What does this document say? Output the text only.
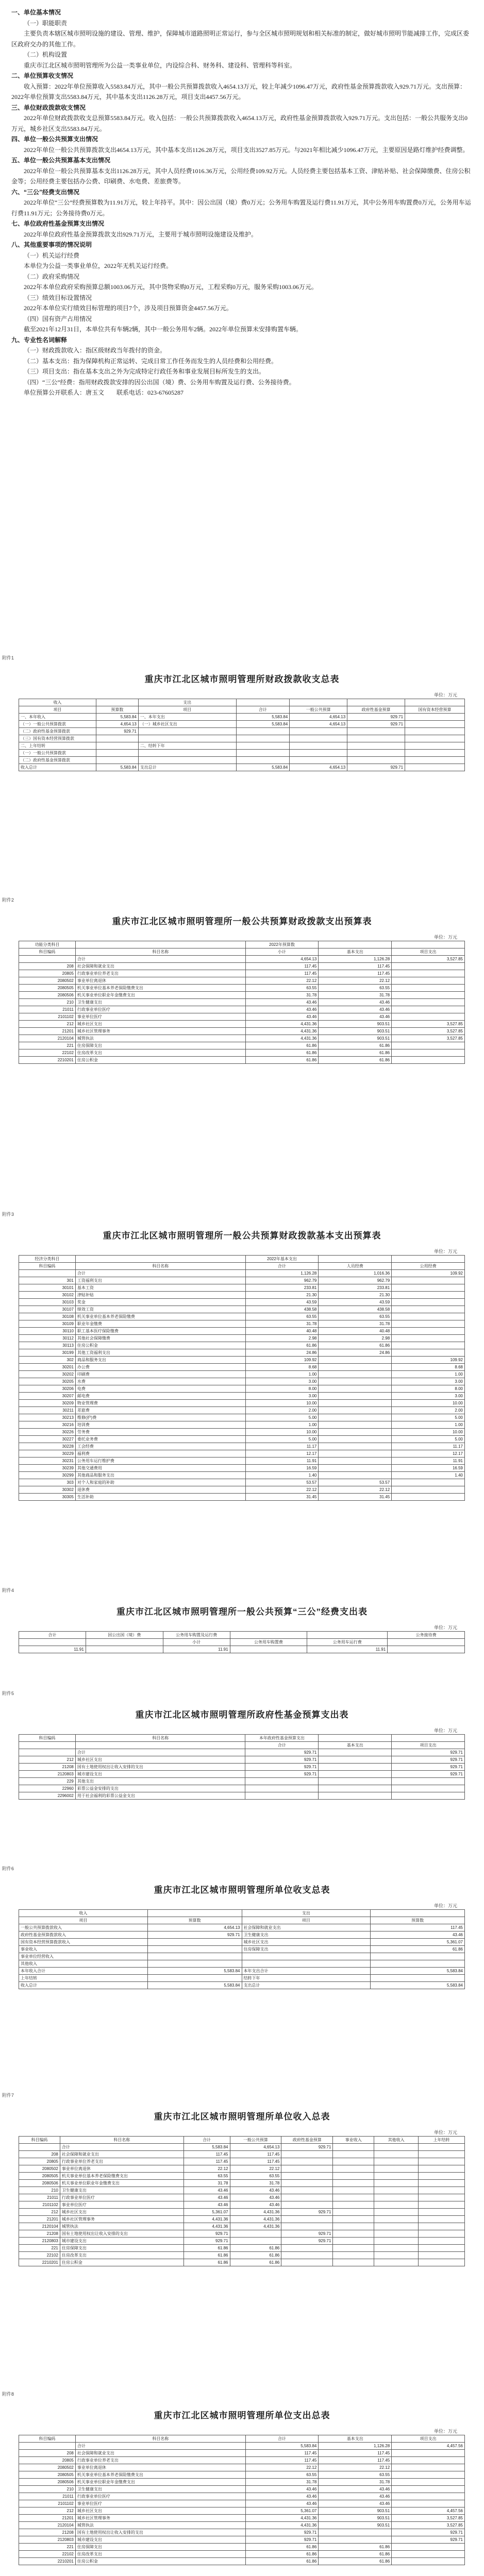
一、单位基本情况

（一）职能职责

主要负责本辖区城市照明设施的建设、管理、维护，保障城市道路照明正常运行，参与全区城市照明规划和相关标准的制定，做好城市照明节能减排工作，完成区委区政府交办的其他工作。

（二）机构设置

重庆市江北区城市照明管理所为公益一类事业单位，内设综合科、财务科、建设科、管理科等科室。

二、单位预算收支情况

收入预算：2022年单位预算收入5583.84万元，其中一般公共预算拨款收入4654.13万元，较上年减少1096.47万元，政府性基金预算拨款收入929.71万元。支出预算：2022年单位预算支出5583.84万元，其中基本支出1126.28万元，项目支出4457.56万元。

三、单位财政拨款收支情况

2022年单位财政拨款收支总预算5583.84万元。收入包括：一般公共预算拨款收入4654.13万元，政府性基金预算拨款收入929.71万元。支出包括：一般公共服务支出0万元，城乡社区支出5583.84万元。

四、单位一般公共预算支出情况

2022年单位一般公共预算拨款支出4654.13万元，其中基本支出1126.28万元，项目支出3527.85万元。与2021年相比减少1096.47万元，主要原因是路灯维护经费调整。

五、单位一般公共预算基本支出情况

2022年单位一般公共预算基本支出1126.28万元，其中人员经费1016.36万元，公用经费109.92万元。人员经费主要包括基本工资、津贴补贴、社会保障缴费、住房公积金等；公用经费主要包括办公费、印刷费、水电费、差旅费等。

六、“三公”经费支出情况

2022年单位“三公”经费预算数为11.91万元，较上年持平。其中：因公出国（境）费0万元；公务用车购置及运行费11.91万元，其中公务用车购置费0万元，公务用车运行费11.91万元；公务接待费0万元。

七、单位政府性基金预算支出情况

2022年单位政府性基金预算拨款支出929.71万元，主要用于城市照明设施建设及维护。

八、其他重要事项的情况说明

（一）机关运行经费

本单位为公益一类事业单位，2022年无机关运行经费。

（二）政府采购情况

2022年本单位政府采购预算总额1003.06万元，其中货物采购0万元，工程采购0万元，服务采购1003.06万元。

（三）绩效目标设置情况

2022年本单位实行绩效目标管理的项目7个，涉及项目预算资金4457.56万元。

（四）国有资产占用情况

截至2021年12月31日，本单位共有车辆2辆，其中一般公务用车2辆。2022年单位预算未安排购置车辆。

九、专业性名词解释

（一）财政拨款收入：指区级财政当年拨付的资金。

（二）基本支出：指为保障机构正常运转、完成日常工作任务而发生的人员经费和公用经费。

（三）项目支出：指在基本支出之外为完成特定行政任务和事业发展目标所发生的支出。

（四）“三公”经费：指用财政拨款安排的因公出国（境）费、公务用车购置及运行费、公务接待费。

单位预算公开联系人：唐玉文　　联系电话：023-67605287

附件1
重庆市江北区城市照明管理所财政拨款收支总表
单位：万元
收入		支出				
项目	预算数	项目	合计	一般公共预算	政府性基金预算	国有资本经营预算
一、本年收入	5,583.84	一、本年支出	5,583.84	4,654.13	929.71	
（一）一般公共预算拨款	4,654.13	（一）城乡社区支出	5,583.84	4,654.13	929.71	
（二）政府性基金预算拨款	929.71					
（三）国有资本经营预算拨款						
二、上年结转		二、结转下年				
（一）一般公共预算拨款						
（二）政府性基金预算拨款						
收入总计	5,583.84	支出总计	5,583.84	4,654.13	929.71	
附件2
重庆市江北区城市照明管理所一般公共预算财政拨款支出预算表
单位：万元
功能分类科目		2022年预算数		
科目编码	科目名称	小计	基本支出	项目支出
	合计	4,654.13	1,126.28	3,527.85
208	社会保障和就业支出	117.45	117.45	
20805	行政事业单位养老支出	117.45	117.45	
2080502	事业单位离退休	22.12	22.12	
2080505	机关事业单位基本养老保险缴费支出	63.55	63.55	
2080506	机关事业单位职业年金缴费支出	31.78	31.78	
210	卫生健康支出	43.46	43.46	
21011	行政事业单位医疗	43.46	43.46	
2101102	事业单位医疗	43.46	43.46	
212	城乡社区支出	4,431.36	903.51	3,527.85
21201	城乡社区管理事务	4,431.36	903.51	3,527.85
2120104	城管执法	4,431.36	903.51	3,527.85
221	住房保障支出	61.86	61.86	
22102	住房改革支出	61.86	61.86	
2210201	住房公积金	61.86	61.86	
附件3
重庆市江北区城市照明管理所一般公共预算财政拨款基本支出预算表
单位：万元
经济分类科目		2022年基本支出		
科目编码	科目名称	合计	人员经费	公用经费
	合计	1,126.28	1,016.36	109.92
301	工资福利支出	962.79	962.79	
30101	基本工资	233.81	233.81	
30102	津贴补贴	21.30	21.30	
30103	奖金	43.59	43.59	
30107	绩效工资	438.58	438.58	
30108	机关事业单位基本养老保险缴费	63.55	63.55	
30109	职业年金缴费	31.78	31.78	
30110	职工基本医疗保险缴费	40.48	40.48	
30112	其他社会保障缴费	2.98	2.98	
30113	住房公积金	61.86	61.86	
30199	其他工资福利支出	24.86	24.86	
302	商品和服务支出	109.92		109.92
30201	办公费	8.68		8.68
30202	印刷费	1.00		1.00
30205	水费	3.00		3.00
30206	电费	8.00		8.00
30207	邮电费	3.00		3.00
30209	物业管理费	10.00		10.00
30211	差旅费	2.00		2.00
30213	维修(护)费	5.00		5.00
30216	培训费	1.00		1.00
30226	劳务费	10.00		10.00
30227	委托业务费	5.00		5.00
30228	工会经费	11.17		11.17
30229	福利费	12.17		12.17
30231	公务用车运行维护费	11.91		11.91
30239	其他交通费用	16.59		16.59
30299	其他商品和服务支出	1.40		1.40
303	对个人和家庭的补助	53.57	53.57	
30302	退休费	22.12	22.12	
30305	生活补助	31.45	31.45	
附件4
重庆市江北区城市照明管理所一般公共预算“三公”经费支出表
单位：万元
合计	因公出国（境）费	公务用车购置及运行费			公务接待费
		小计	公务用车购置费	公务用车运行费	
11.91		11.91		11.91	
附件5
重庆市江北区城市照明管理所政府性基金预算支出表
单位：万元
科目编码	科目名称	本年政府性基金预算支出		
		合计	基本支出	项目支出
	合计	929.71		929.71
212	城乡社区支出	929.71		929.71
21208	国有土地使用权出让收入安排的支出	929.71		929.71
2120803	城市建设支出	929.71		929.71
229	其他支出			
22960	彩票公益金安排的支出			
2296002	用于社会福利的彩票公益金支出			
附件6
重庆市江北区城市照明管理所单位收支总表
单位：万元
收入		支出	
项目	预算数	项目	预算数
一般公共预算拨款收入	4,654.13	社会保障和就业支出	117.45
政府性基金预算拨款收入	929.71	卫生健康支出	43.46
国有资本经营预算拨款收入		城乡社区支出	5,361.07
事业收入		住房保障支出	61.86
事业单位经营收入			
其他收入			
本年收入合计	5,583.84	本年支出合计	5,583.84
上年结转		结转下年	
收入总计	5,583.84	支出总计	5,583.84
附件7
重庆市江北区城市照明管理所单位收入总表
单位：万元
科目编码	科目名称	合计	一般公共预算	政府性基金预算	事业收入	其他收入	上年结转
	合计	5,583.84	4,654.13	929.71			
208	社会保障和就业支出	117.45	117.45				
20805	行政事业单位养老支出	117.45	117.45				
2080502	事业单位离退休	22.12	22.12				
2080505	机关事业单位基本养老保险缴费支出	63.55	63.55				
2080506	机关事业单位职业年金缴费支出	31.78	31.78				
210	卫生健康支出	43.46	43.46				
21011	行政事业单位医疗	43.46	43.46				
2101102	事业单位医疗	43.46	43.46				
212	城乡社区支出	5,361.07	4,431.36	929.71			
21201	城乡社区管理事务	4,431.36	4,431.36				
2120104	城管执法	4,431.36	4,431.36				
21208	国有土地使用权出让收入安排的支出	929.71		929.71			
2120803	城市建设支出	929.71		929.71			
221	住房保障支出	61.86	61.86				
22102	住房改革支出	61.86	61.86				
2210201	住房公积金	61.86	61.86				
附件8
重庆市江北区城市照明管理所单位支出总表
单位：万元
科目编码	科目名称	合计	基本支出	项目支出
	合计	5,583.84	1,126.28	4,457.56
208	社会保障和就业支出	117.45	117.45	
20805	行政事业单位养老支出	117.45	117.45	
2080502	事业单位离退休	22.12	22.12	
2080505	机关事业单位基本养老保险缴费支出	63.55	63.55	
2080506	机关事业单位职业年金缴费支出	31.78	31.78	
210	卫生健康支出	43.46	43.46	
21011	行政事业单位医疗	43.46	43.46	
2101102	事业单位医疗	43.46	43.46	
212	城乡社区支出	5,361.07	903.51	4,457.56
21201	城乡社区管理事务	4,431.36	903.51	3,527.85
2120104	城管执法	4,431.36	903.51	3,527.85
21208	国有土地使用权出让收入安排的支出	929.71		929.71
2120803	城市建设支出	929.71		929.71
221	住房保障支出	61.86	61.86	
22102	住房改革支出	61.86	61.86	
2210201	住房公积金	61.86	61.86	
